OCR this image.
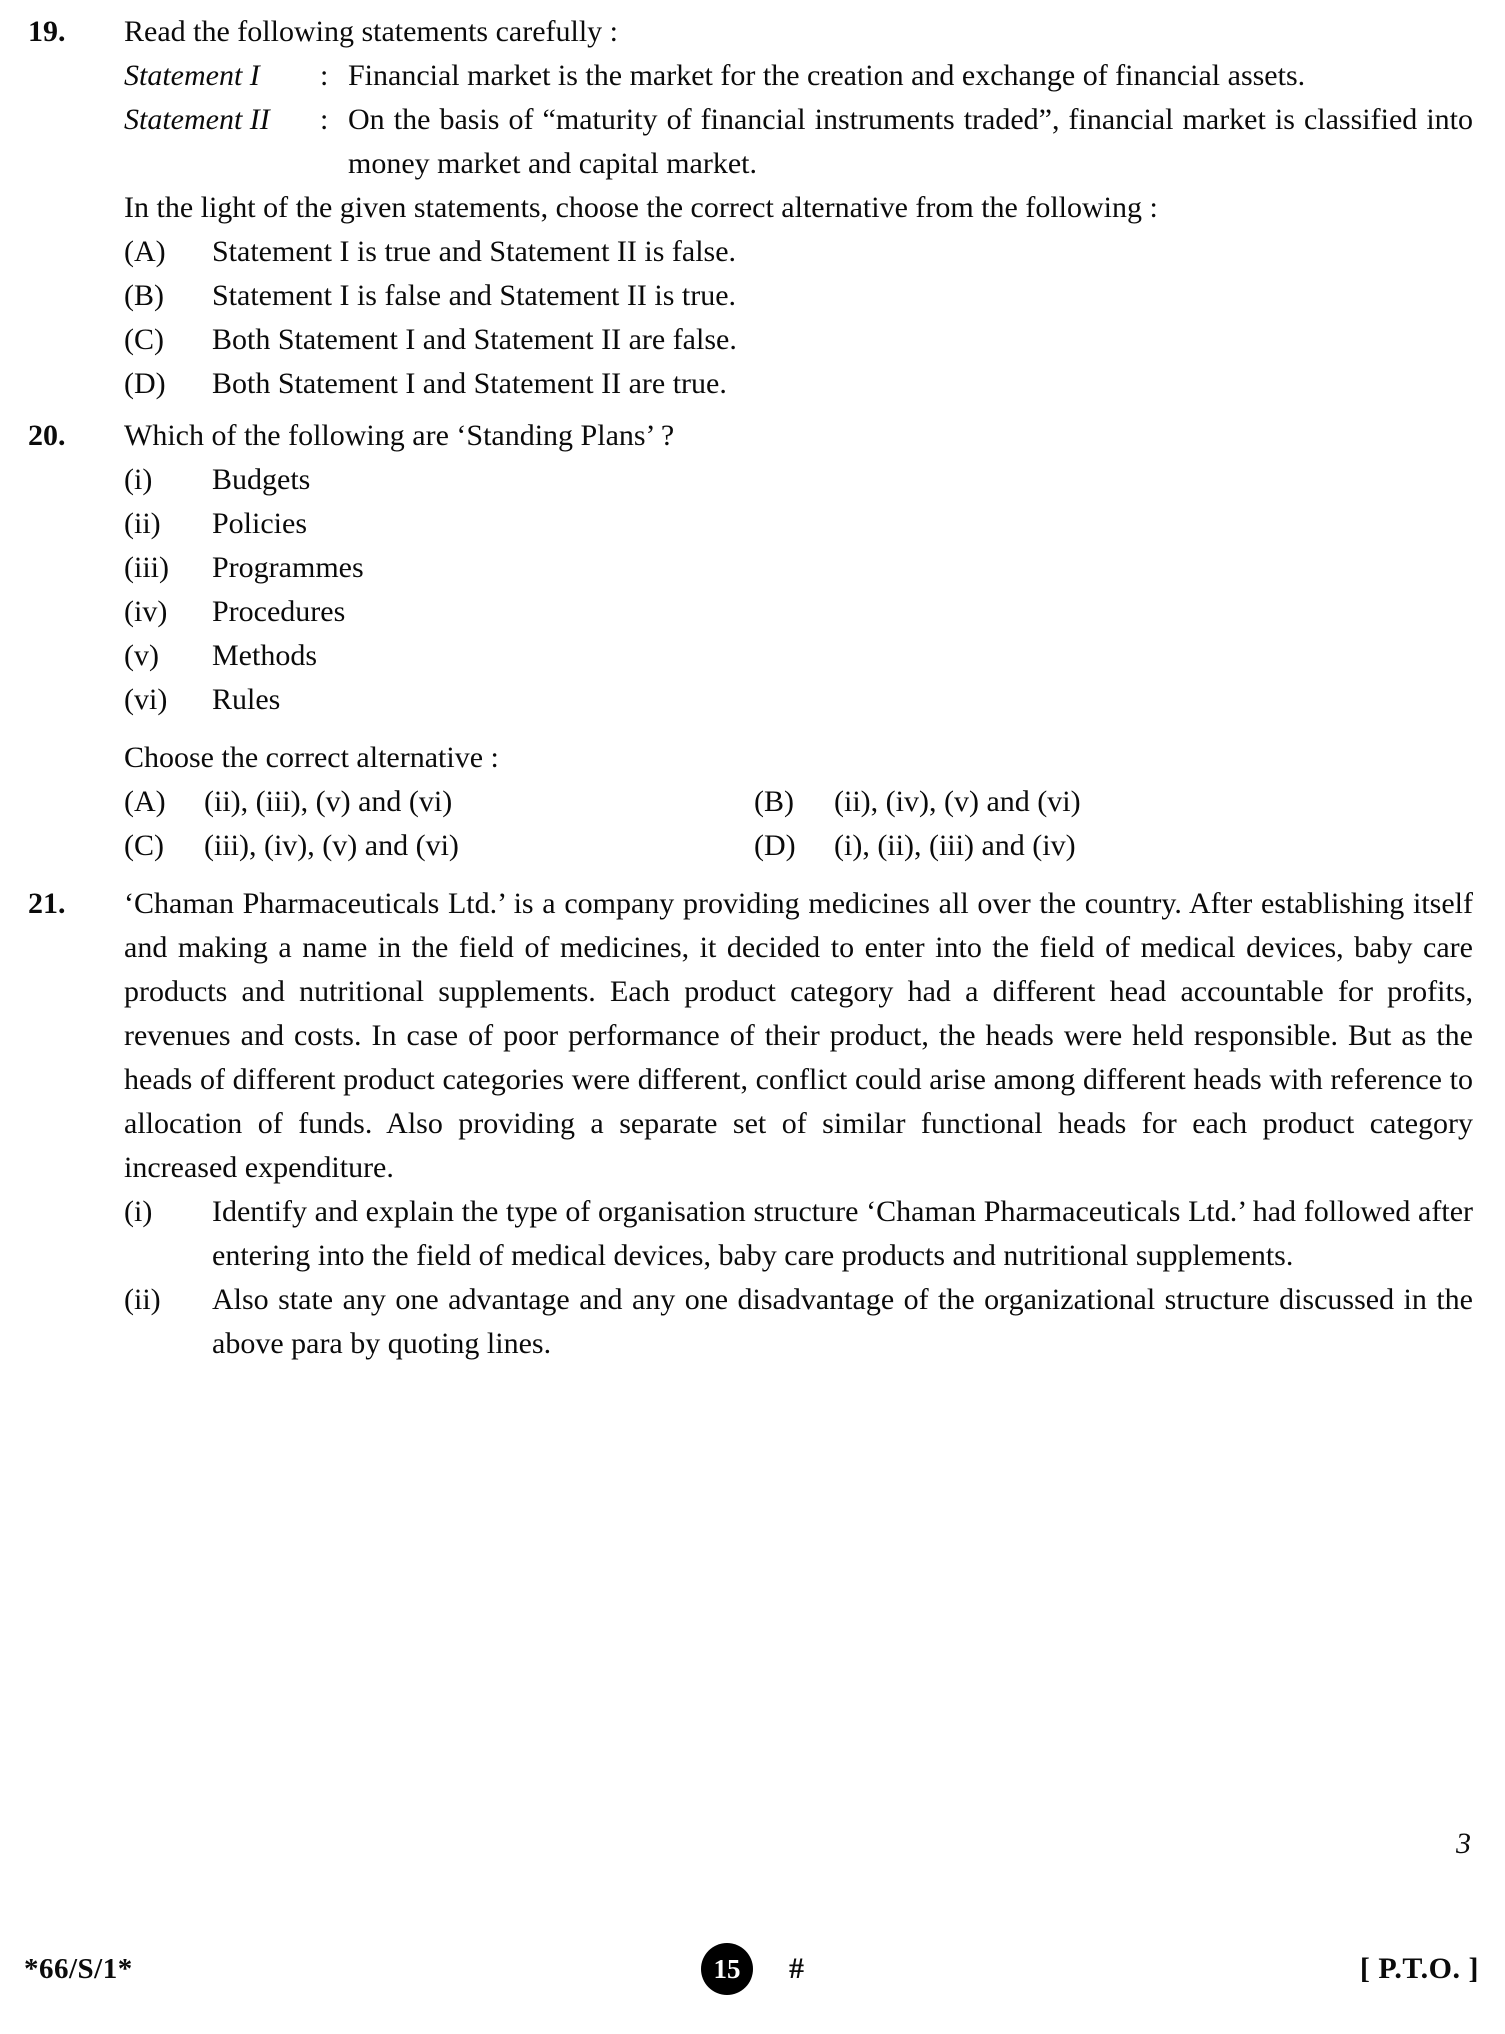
19.	Read the following statements carefully :
Statement I	: Financial market is the market for the creation and exchange of financial assets.
Statement II	: On the basis of “maturity of financial instruments traded”, financial market is classified into money market and capital market.
In the light of the given statements, choose the correct alternative from the following :
(A)	Statement I is true and Statement II is false.
(B)	Statement I is false and Statement II is true.
(C)	Both Statement I and Statement II are false.
(D)	Both Statement I and Statement II are true.
20.	Which of the following are ‘Standing Plans’ ?
(i)	Budgets
(ii)	Policies
(iii)	Programmes
(iv)	Procedures
(v)	Methods
(vi)	Rules
Choose the correct alternative :
(A)	(ii), (iii), (v) and (vi)	(B)	(ii), (iv), (v) and (vi)
(C)	(iii), (iv), (v) and (vi)	(D)	(i), (ii), (iii) and (iv)
21.	‘Chaman Pharmaceuticals Ltd.’ is a company providing medicines all over the country. After establishing itself and making a name in the field of medicines, it decided to enter into the field of medical devices, baby care products and nutritional supplements. Each product category had a different head accountable for profits, revenues and costs. In case of poor performance of their product, the heads were held responsible. But as the heads of different product categories were different, conflict could arise among different heads with reference to allocation of funds. Also providing a separate set of similar functional heads for each product category increased expenditure.
(i)	Identify and explain the type of organisation structure ‘Chaman Pharmaceuticals Ltd.’ had followed after entering into the field of medical devices, baby care products and nutritional supplements.
(ii)	Also state any one advantage and any one disadvantage of the organizational structure discussed in the above para by quoting lines.
3
*66/S/1*	15	#	[ P.T.O. ]
